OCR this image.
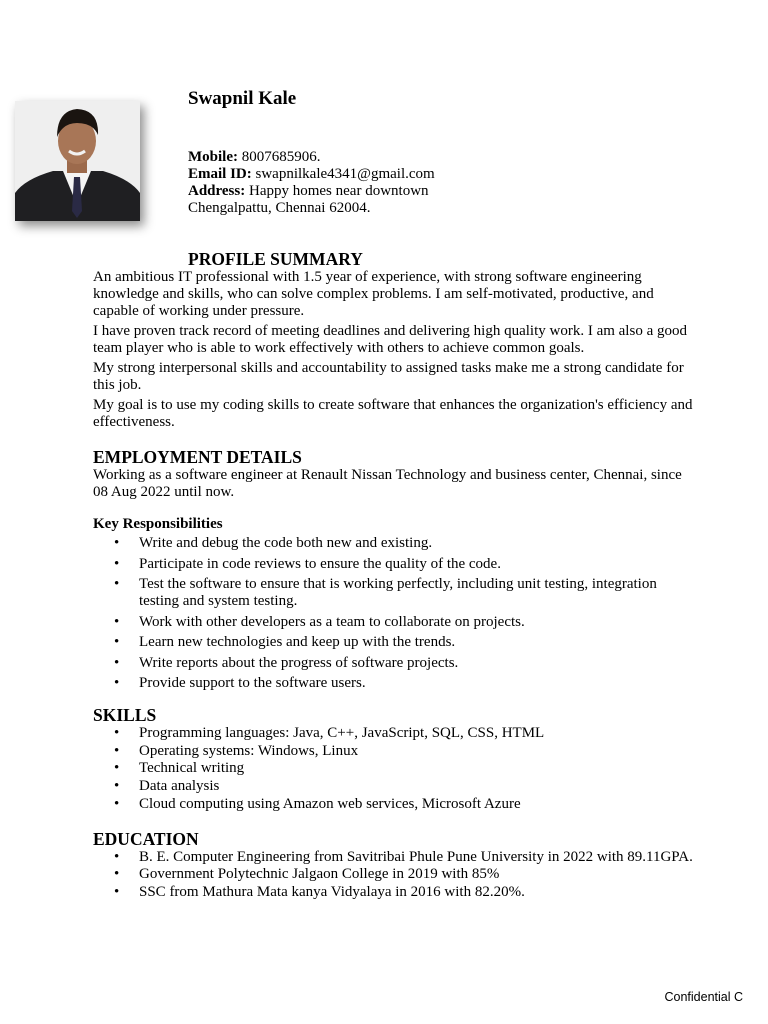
Swapnil Kale
Mobile: 8007685906.
Email ID: swapnilkale4341@gmail.com
Address: Happy homes near downtown
Chengalpattu, Chennai 62004.
PROFILE SUMMARY

An ambitious IT professional with 1.5 year of experience, with strong software engineering knowledge and skills, who can solve complex problems. I am self-motivated, productive, and capable of working under pressure.

I have proven track record of meeting deadlines and delivering high quality work. I am also a good team player who is able to work effectively with others to achieve common goals.

My strong interpersonal skills and accountability to assigned tasks make me a strong candidate for this job.

My goal is to use my coding skills to create software that enhances the organization's efficiency and effectiveness.

EMPLOYMENT DETAILS

Working as a software engineer at Renault Nissan Technology and business center, Chennai, since 08 Aug 2022 until now.

Key Responsibilities
• Write and debug the code both new and existing.
• Participate in code reviews to ensure the quality of the code.
• Test the software to ensure that is working perfectly, including unit testing, integration testing and system testing.
• Work with other developers as a team to collaborate on projects.
• Learn new technologies and keep up with the trends.
• Write reports about the progress of software projects.
• Provide support to the software users.
SKILLS
• Programming languages: Java, C++, JavaScript, SQL, CSS, HTML
• Operating systems: Windows, Linux
• Technical writing
• Data analysis
• Cloud computing using Amazon web services, Microsoft Azure
EDUCATION
• B. E. Computer Engineering from Savitribai Phule Pune University in 2022 with 89.11GPA.
• Government Polytechnic Jalgaon College in 2019 with 85%
• SSC from Mathura Mata kanya Vidyalaya in 2016 with 82.20%.
Confidential C
